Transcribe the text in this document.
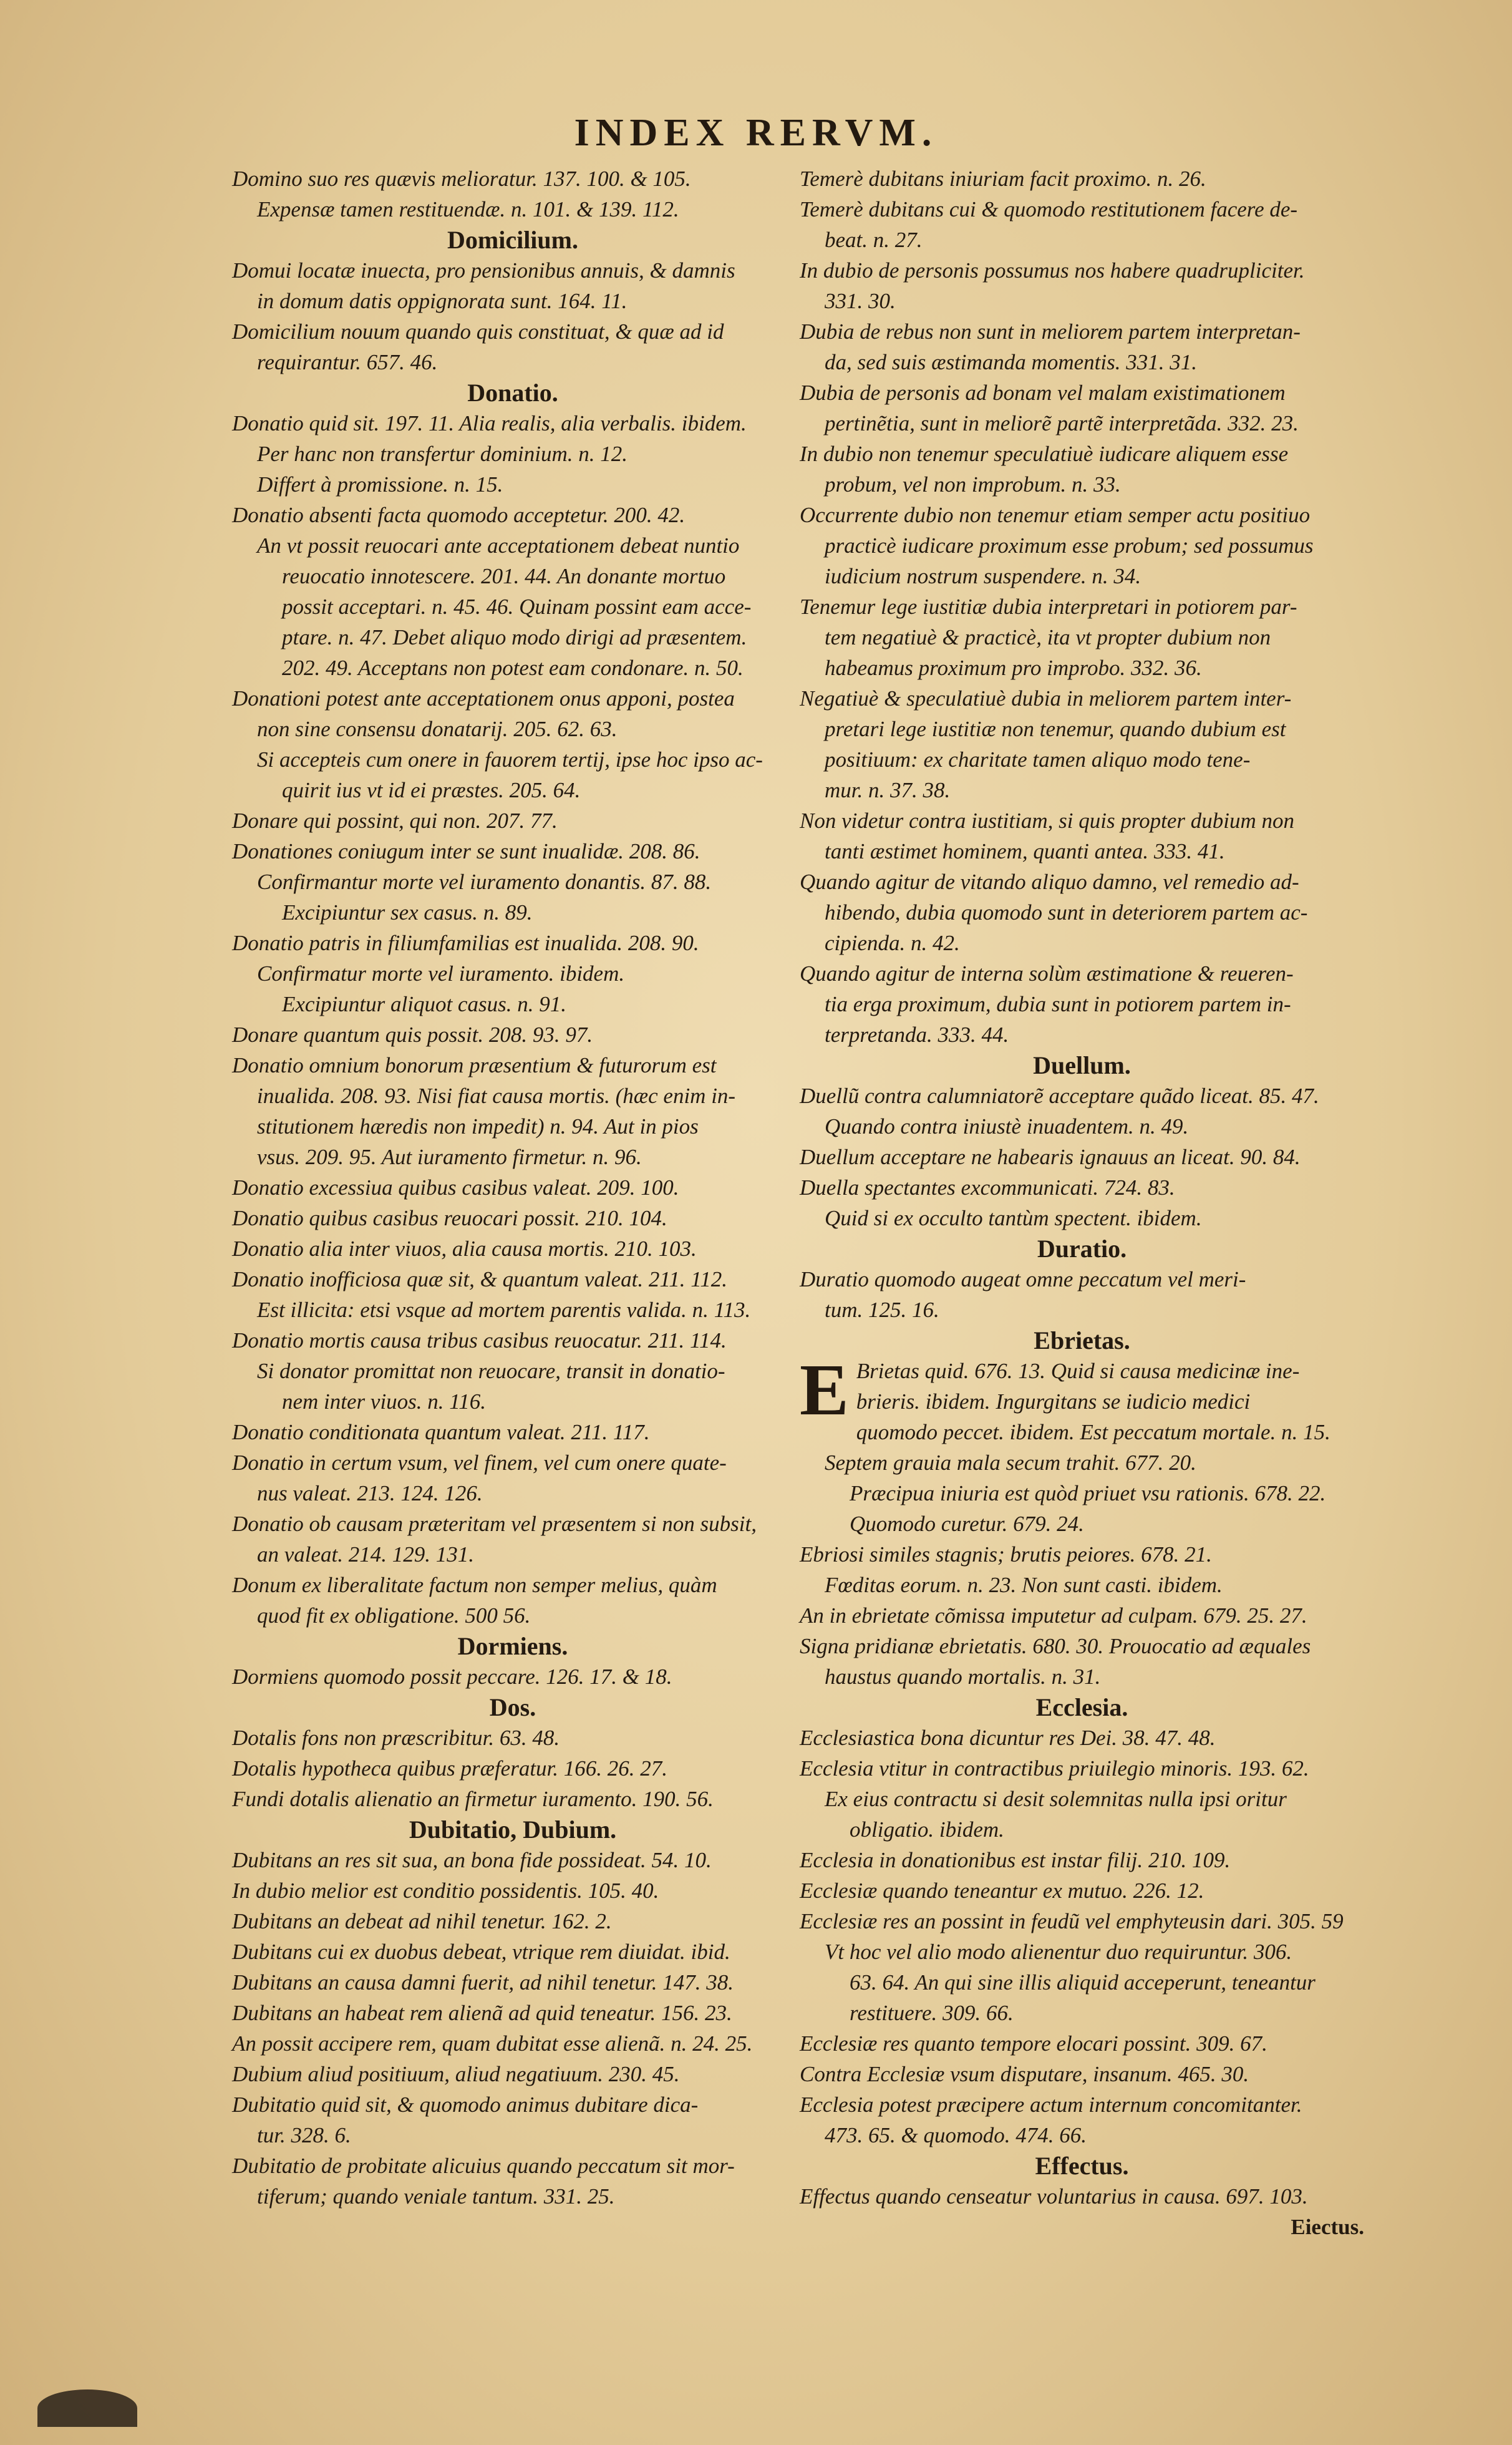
INDEX RERVM.
Domino suo res quævis melioratur. 137. 100. & 105.
Expensæ tamen restituendæ. n. 101. & 139. 112.
Domicilium.
Domui locatæ inuecta, pro pensionibus annuis, & damnis
in domum datis oppignorata sunt. 164. 11.
Domicilium nouum quando quis constituat, & quæ ad id
requirantur. 657. 46.
Donatio.
Donatio quid sit. 197. 11. Alia realis, alia verbalis. ibidem.
Per hanc non transfertur dominium. n. 12.
Differt à promissione. n. 15.
Donatio absenti facta quomodo acceptetur. 200. 42.
An vt possit reuocari ante acceptationem debeat nuntio
reuocatio innotescere. 201. 44. An donante mortuo
possit acceptari. n. 45. 46. Quinam possint eam acce-
ptare. n. 47. Debet aliquo modo dirigi ad præsentem.
202. 49. Acceptans non potest eam condonare. n. 50.
Donationi potest ante acceptationem onus apponi, postea
non sine consensu donatarij. 205. 62. 63.
Si accepteis cum onere in fauorem tertij, ipse hoc ipso ac-
quirit ius vt id ei præstes. 205. 64.
Donare qui possint, qui non. 207. 77.
Donationes coniugum inter se sunt inualidæ. 208. 86.
Confirmantur morte vel iuramento donantis. 87. 88.
Excipiuntur sex casus. n. 89.
Donatio patris in filiumfamilias est inualida. 208. 90.
Confirmatur morte vel iuramento. ibidem.
Excipiuntur aliquot casus. n. 91.
Donare quantum quis possit. 208. 93. 97.
Donatio omnium bonorum præsentium & futurorum est
inualida. 208. 93. Nisi fiat causa mortis. (hæc enim in-
stitutionem hæredis non impedit) n. 94. Aut in pios
vsus. 209. 95. Aut iuramento firmetur. n. 96.
Donatio excessiua quibus casibus valeat. 209. 100.
Donatio quibus casibus reuocari possit. 210. 104.
Donatio alia inter viuos, alia causa mortis. 210. 103.
Donatio inofficiosa quæ sit, & quantum valeat. 211. 112.
Est illicita: etsi vsque ad mortem parentis valida. n. 113.
Donatio mortis causa tribus casibus reuocatur. 211. 114.
Si donator promittat non reuocare, transit in donatio-
nem inter viuos. n. 116.
Donatio conditionata quantum valeat. 211. 117.
Donatio in certum vsum, vel finem, vel cum onere quate-
nus valeat. 213. 124. 126.
Donatio ob causam præteritam vel præsentem si non subsit,
an valeat. 214. 129. 131.
Donum ex liberalitate factum non semper melius, quàm
quod fit ex obligatione. 500 56.
Dormiens.
Dormiens quomodo possit peccare. 126. 17. & 18.
Dos.
Dotalis fons non præscribitur. 63. 48.
Dotalis hypotheca quibus præferatur. 166. 26. 27.
Fundi dotalis alienatio an firmetur iuramento. 190. 56.
Dubitatio, Dubium.
Dubitans an res sit sua, an bona fide possideat. 54. 10.
In dubio melior est conditio possidentis. 105. 40.
Dubitans an debeat ad nihil tenetur. 162. 2.
Dubitans cui ex duobus debeat, vtrique rem diuidat. ibid.
Dubitans an causa damni fuerit, ad nihil tenetur. 147. 38.
Dubitans an habeat rem alienã ad quid teneatur. 156. 23.
An possit accipere rem, quam dubitat esse alienã. n. 24. 25.
Dubium aliud positiuum, aliud negatiuum. 230. 45.
Dubitatio quid sit, & quomodo animus dubitare dica-
tur. 328. 6.
Dubitatio de probitate alicuius quando peccatum sit mor-
tiferum; quando veniale tantum. 331. 25.
Temerè dubitans iniuriam facit proximo. n. 26.
Temerè dubitans cui & quomodo restitutionem facere de-
beat. n. 27.
In dubio de personis possumus nos habere quadrupliciter.
331. 30.
Dubia de rebus non sunt in meliorem partem interpretan-
da, sed suis æstimanda momentis. 331. 31.
Dubia de personis ad bonam vel malam existimationem
pertinẽtia, sunt in meliorẽ partẽ interpretãda. 332. 23.
In dubio non tenemur speculatiuè iudicare aliquem esse
probum, vel non improbum. n. 33.
Occurrente dubio non tenemur etiam semper actu positiuo
practicè iudicare proximum esse probum; sed possumus
iudicium nostrum suspendere. n. 34.
Tenemur lege iustitiæ dubia interpretari in potiorem par-
tem negatiuè & practicè, ita vt propter dubium non
habeamus proximum pro improbo. 332. 36.
Negatiuè & speculatiuè dubia in meliorem partem inter-
pretari lege iustitiæ non tenemur, quando dubium est
positiuum: ex charitate tamen aliquo modo tene-
mur. n. 37. 38.
Non videtur contra iustitiam, si quis propter dubium non
tanti æstimet hominem, quanti antea. 333. 41.
Quando agitur de vitando aliquo damno, vel remedio ad-
hibendo, dubia quomodo sunt in deteriorem partem ac-
cipienda. n. 42.
Quando agitur de interna solùm æstimatione & reueren-
tia erga proximum, dubia sunt in potiorem partem in-
terpretanda. 333. 44.
Duellum.
Duellũ contra calumniatorẽ acceptare quãdo liceat. 85. 47.
Quando contra iniustè inuadentem. n. 49.
Duellum acceptare ne habearis ignauus an liceat. 90. 84.
Duella spectantes excommunicati. 724. 83.
Quid si ex occulto tantùm spectent. ibidem.
Duratio.
Duratio quomodo augeat omne peccatum vel meri-
tum. 125. 16.
Ebrietas.
E Brietas quid. 676. 13. Quid si causa medicinæ ine-
brieris. ibidem. Ingurgitans se iudicio medici
quomodo peccet. ibidem. Est peccatum mortale. n. 15.
Septem grauia mala secum trahit. 677. 20.
Præcipua iniuria est quòd priuet vsu rationis. 678. 22.
Quomodo curetur. 679. 24.
Ebriosi similes stagnis; brutis peiores. 678. 21.
Fœditas eorum. n. 23. Non sunt casti. ibidem.
An in ebrietate cõmissa imputetur ad culpam. 679. 25. 27.
Signa pridianæ ebrietatis. 680. 30. Prouocatio ad æquales
haustus quando mortalis. n. 31.
Ecclesia.
Ecclesiastica bona dicuntur res Dei. 38. 47. 48.
Ecclesia vtitur in contractibus priuilegio minoris. 193. 62.
Ex eius contractu si desit solemnitas nulla ipsi oritur
obligatio. ibidem.
Ecclesia in donationibus est instar filij. 210. 109.
Ecclesiæ quando teneantur ex mutuo. 226. 12.
Ecclesiæ res an possint in feudũ vel emphyteusin dari. 305. 59
Vt hoc vel alio modo alienentur duo requiruntur. 306.
63. 64. An qui sine illis aliquid acceperunt, teneantur
restituere. 309. 66.
Ecclesiæ res quanto tempore elocari possint. 309. 67.
Contra Ecclesiæ vsum disputare, insanum. 465. 30.
Ecclesia potest præcipere actum internum concomitanter.
473. 65. & quomodo. 474. 66.
Effectus.
Effectus quando censeatur voluntarius in causa. 697. 103.
Eiectus.
